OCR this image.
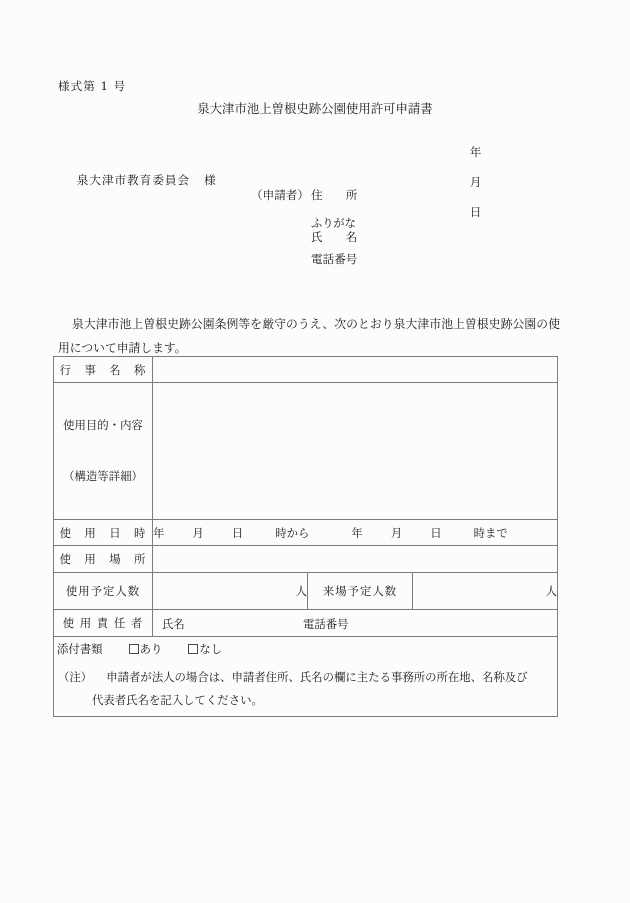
様式第 1 号
泉大津市池上曽根史跡公園使用許可申請書

年

月

日

泉大津市教育委員会 様

（申請者） 住　　所
ふりがな
氏　　名
電話番号
泉大津市池上曽根史跡公園条例等を厳守のうえ、次のとおり泉大津市池上曽根史跡公園の使用について申請します。
行　事　名　称			

使用目的・内容

（構造等詳細）			

使　用　日　時	年 月 日 時から 年 月 日 時まで		
使　用　場　所			
使用予定人数	人	来場予定人数	人
使 用 責 任 者	氏名 電話番号		

添付書類 あり なし			
（注） 申請者が法人の場合は、申請者住所、氏名の欄に主たる事務所の所在地、名称及び
代表者氏名を記入してください。
